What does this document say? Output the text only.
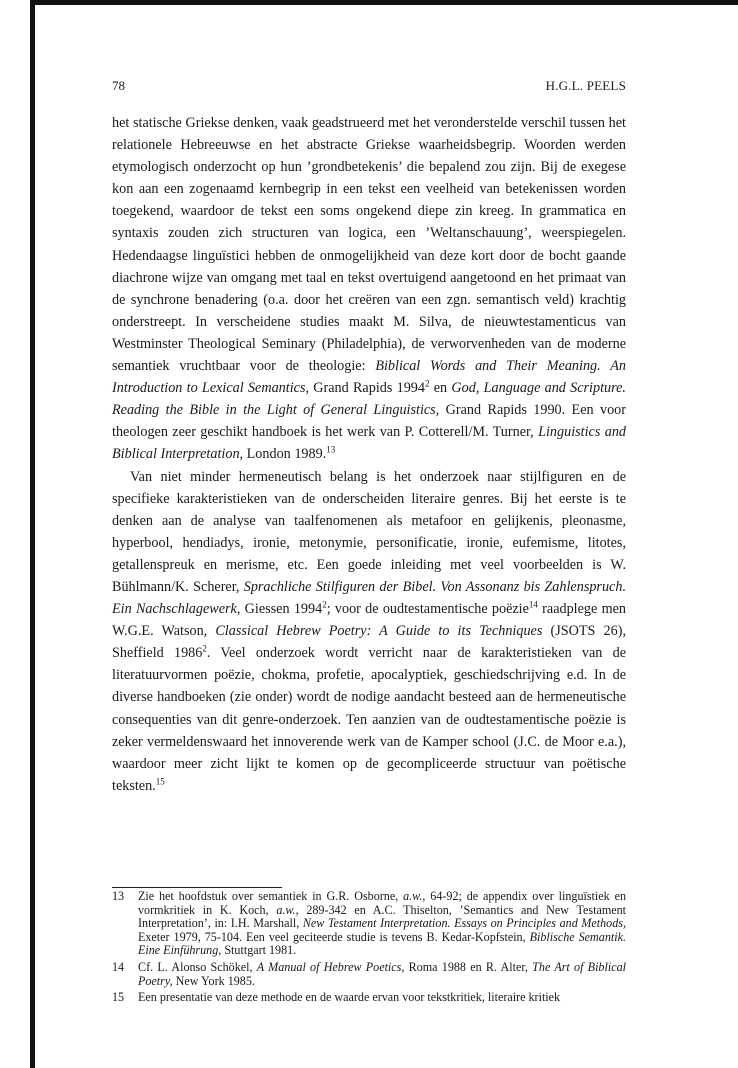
78	H.G.L. PEELS

het statische Griekse denken, vaak geadstrueerd met het veronderstelde verschil tussen het relationele Hebreeuwse en het abstracte Griekse waarheidsbegrip. Woorden werden etymologisch onderzocht op hun ’grondbetekenis’ die bepalend zou zijn. Bij de exegese kon aan een zogenaamd kernbegrip in een tekst een veelheid van betekenissen worden toegekend, waardoor de tekst een soms ongekend diepe zin kreeg. In grammatica en syntaxis zouden zich structuren van logica, een ’Weltanschauung’, weerspiegelen. Hedendaagse linguïstici hebben de onmogelijkheid van deze kort door de bocht gaande diachrone wijze van omgang met taal en tekst overtuigend aangetoond en het primaat van de synchrone benadering (o.a. door het creëren van een zgn. semantisch veld) krachtig onderstreept. In verscheidene studies maakt M. Silva, de nieuwtestamenticus van Westminster Theological Seminary (Philadelphia), de verworvenheden van de moderne semantiek vruchtbaar voor de theologie: Biblical Words and Their Meaning. An Introduction to Lexical Semantics, Grand Rapids 1994$^2$ en God, Language and Scripture. Reading the Bible in the Light of General Linguistics, Grand Rapids 1990. Een voor theologen zeer geschikt handboek is het werk van P. Cotterell/M. Turner, Linguistics and Biblical Interpretation, London 1989.13

Van niet minder hermeneutisch belang is het onderzoek naar stijlfiguren en de specifieke karakteristieken van de onderscheiden literaire genres. Bij het eerste is te denken aan de analyse van taalfenomenen als metafoor en gelijkenis, pleonasme, hyperbool, hendiadys, ironie, metonymie, personificatie, ironie, eufemisme, litotes, getallenspreuk en merisme, etc. Een goede inleiding met veel voorbeelden is W. Bühlmann/K. Scherer, Sprachliche Stilfiguren der Bibel. Von Assonanz bis Zahlenspruch. Ein Nachschlagewerk, Giessen 1994$^2$; voor de oudtestamentische poëzie$^{14}$ raadplege men W.G.E. Watson, Classical Hebrew Poetry: A Guide to its Techniques (JSOTS 26), Sheffield 1986$^2$. Veel onderzoek wordt verricht naar de karakteristieken van de literatuurvormen poëzie, chokma, profetie, apocalyptiek, geschiedschrijving e.d. In de diverse handboeken (zie onder) wordt de nodige aandacht besteed aan de hermeneutische consequenties van dit genre-onderzoek. Ten aanzien van de oudtestamentische poëzie is zeker vermeldenswaard het innoverende werk van de Kamper school (J.C. de Moor e.a.), waardoor meer zicht lijkt te komen op de gecompliceerde structuur van poëtische teksten.$^{15}$

13	Zie het hoofdstuk over semantiek in G.R. Osborne, a.w., 64-92; de appendix over linguïstiek en vormkritiek in K. Koch, a.w., 289-342 en A.C. Thiselton, ’Semantics and New Testament Interpretation’, in: I.H. Marshall, New Testament Interpretation. Essays on Principles and Methods, Exeter 1979, 75-104. Een veel geciteerde studie is tevens B. Kedar-Kopfstein, Biblische Semantik. Eine Einführung, Stuttgart 1981.
14	Cf. L. Alonso Schökel, A Manual of Hebrew Poetics, Roma 1988 en R. Alter, The Art of Biblical Poetry, New York 1985.
15	Een presentatie van deze methode en de waarde ervan voor tekstkritiek, literaire kritiek
